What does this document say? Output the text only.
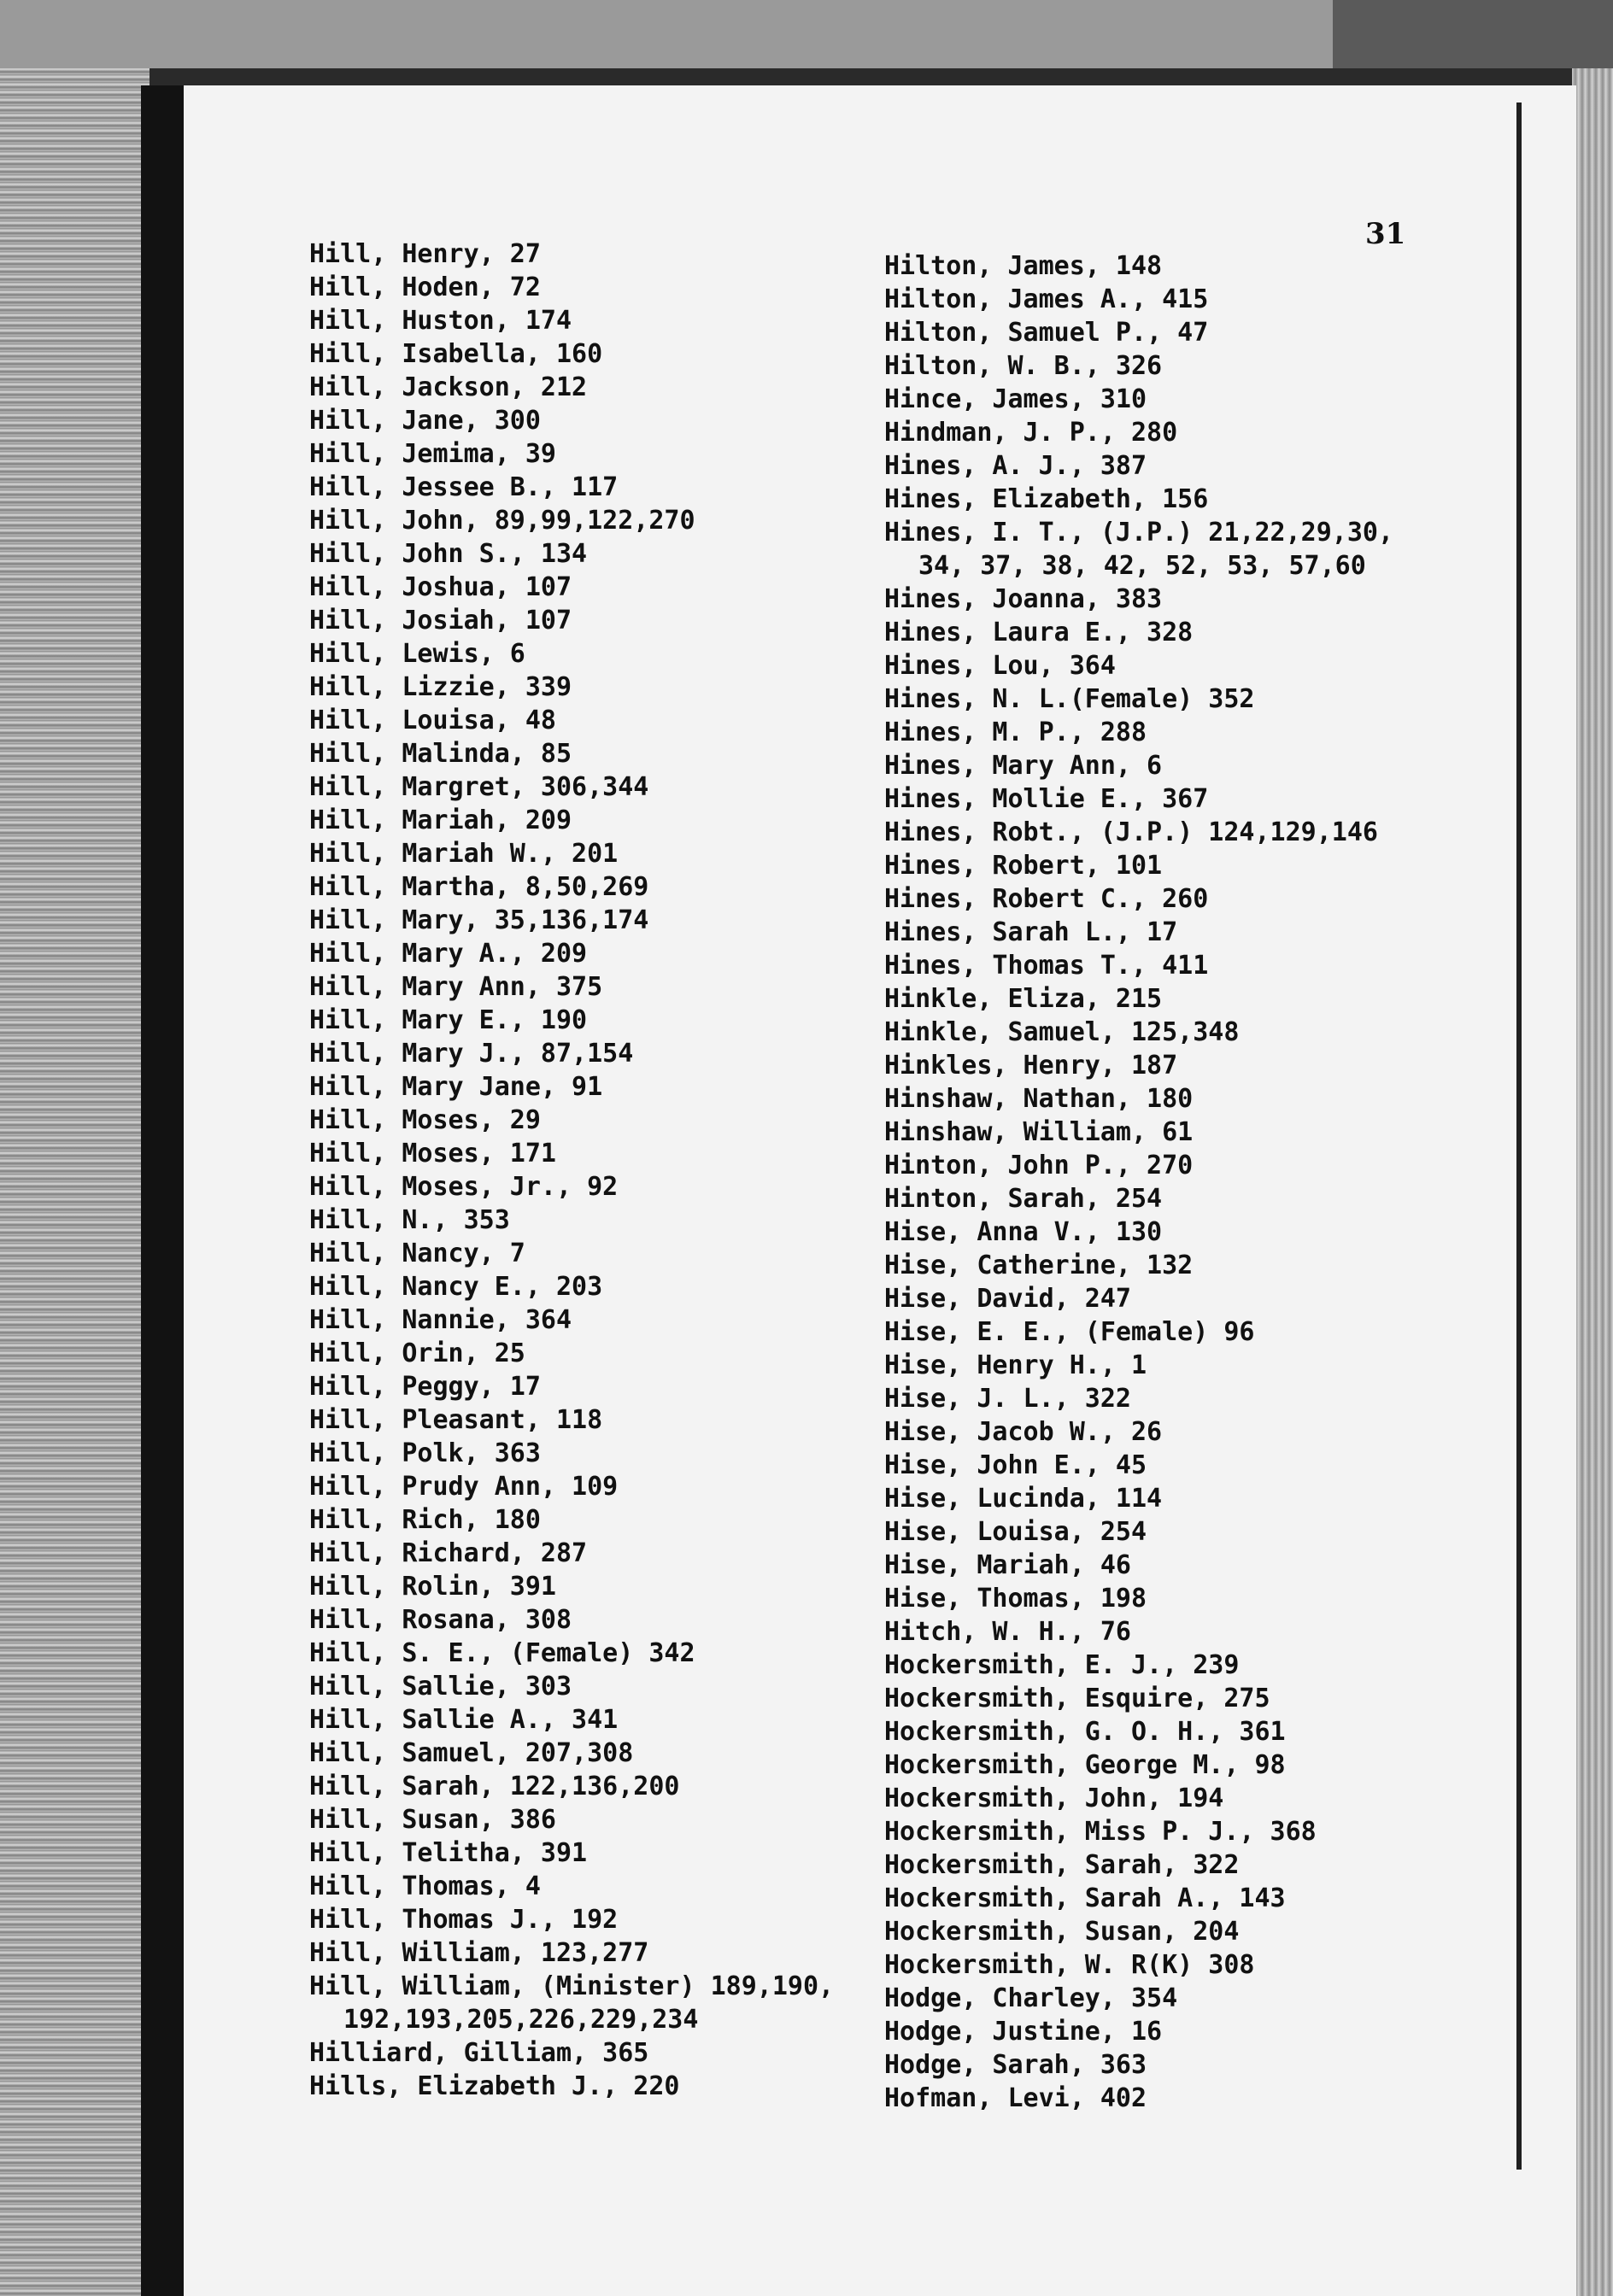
31
Hill, Henry, 27
Hill, Hoden, 72
Hill, Huston, 174
Hill, Isabella, 160
Hill, Jackson, 212
Hill, Jane, 300
Hill, Jemima, 39
Hill, Jessee B., 117
Hill, John, 89,99,122,270
Hill, John S., 134
Hill, Joshua, 107
Hill, Josiah, 107
Hill, Lewis, 6
Hill, Lizzie, 339
Hill, Louisa, 48
Hill, Malinda, 85
Hill, Margret, 306,344
Hill, Mariah, 209
Hill, Mariah W., 201
Hill, Martha, 8,50,269
Hill, Mary, 35,136,174
Hill, Mary A., 209
Hill, Mary Ann, 375
Hill, Mary E., 190
Hill, Mary J., 87,154
Hill, Mary Jane, 91
Hill, Moses, 29
Hill, Moses, 171
Hill, Moses, Jr., 92
Hill, N., 353
Hill, Nancy, 7
Hill, Nancy E., 203
Hill, Nannie, 364
Hill, Orin, 25
Hill, Peggy, 17
Hill, Pleasant, 118
Hill, Polk, 363
Hill, Prudy Ann, 109
Hill, Rich, 180
Hill, Richard, 287
Hill, Rolin, 391
Hill, Rosana, 308
Hill, S. E., (Female) 342
Hill, Sallie, 303
Hill, Sallie A., 341
Hill, Samuel, 207,308
Hill, Sarah, 122,136,200
Hill, Susan, 386
Hill, Telitha, 391
Hill, Thomas, 4
Hill, Thomas J., 192
Hill, William, 123,277
Hill, William, (Minister) 189,190,
192,193,205,226,229,234
Hilliard, Gilliam, 365
Hills, Elizabeth J., 220
Hilton, James, 148
Hilton, James A., 415
Hilton, Samuel P., 47
Hilton, W. B., 326
Hince, James, 310
Hindman, J. P., 280
Hines, A. J., 387
Hines, Elizabeth, 156
Hines, I. T., (J.P.) 21,22,29,30,
34, 37, 38, 42, 52, 53, 57,60
Hines, Joanna, 383
Hines, Laura E., 328
Hines, Lou, 364
Hines, N. L.(Female) 352
Hines, M. P., 288
Hines, Mary Ann, 6
Hines, Mollie E., 367
Hines, Robt., (J.P.) 124,129,146
Hines, Robert, 101
Hines, Robert C., 260
Hines, Sarah L., 17
Hines, Thomas T., 411
Hinkle, Eliza, 215
Hinkle, Samuel, 125,348
Hinkles, Henry, 187
Hinshaw, Nathan, 180
Hinshaw, William, 61
Hinton, John P., 270
Hinton, Sarah, 254
Hise, Anna V., 130
Hise, Catherine, 132
Hise, David, 247
Hise, E. E., (Female) 96
Hise, Henry H., 1
Hise, J. L., 322
Hise, Jacob W., 26
Hise, John E., 45
Hise, Lucinda, 114
Hise, Louisa, 254
Hise, Mariah, 46
Hise, Thomas, 198
Hitch, W. H., 76
Hockersmith, E. J., 239
Hockersmith, Esquire, 275
Hockersmith, G. O. H., 361
Hockersmith, George M., 98
Hockersmith, John, 194
Hockersmith, Miss P. J., 368
Hockersmith, Sarah, 322
Hockersmith, Sarah A., 143
Hockersmith, Susan, 204
Hockersmith, W. R(K) 308
Hodge, Charley, 354
Hodge, Justine, 16
Hodge, Sarah, 363
Hofman, Levi, 402
